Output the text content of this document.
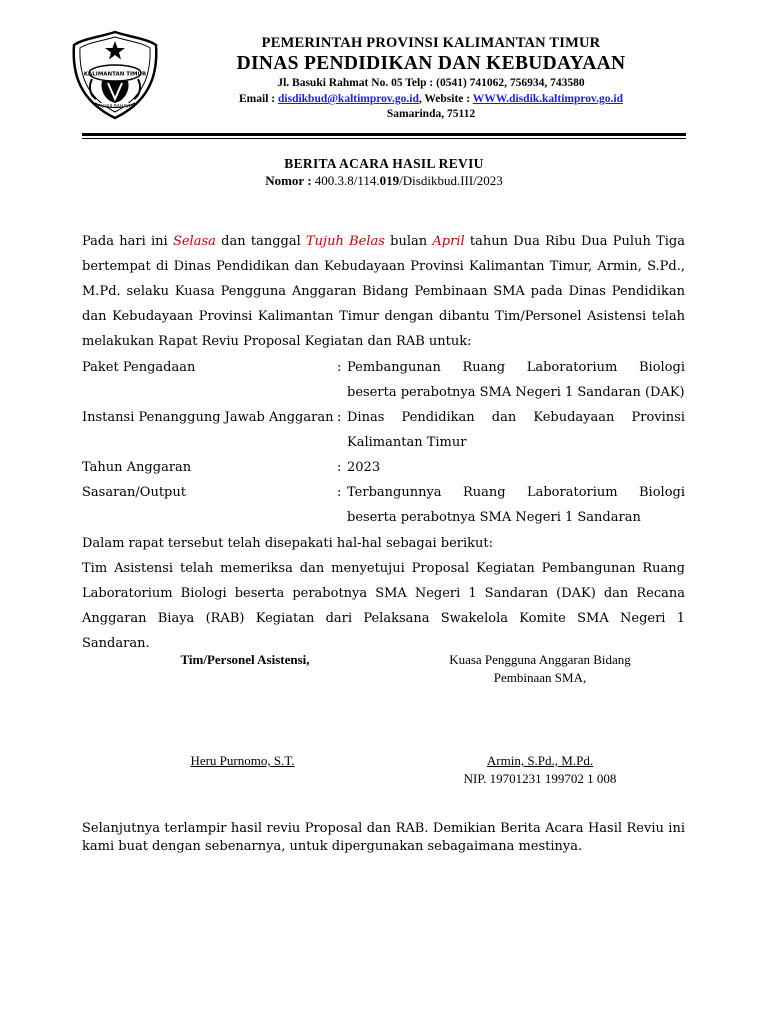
KALIMANTAN TIMUR
RUHUI RAHAYU
PEMERINTAH PROVINSI KALIMANTAN TIMUR
DINAS PENDIDIKAN DAN KEBUDAYAAN
Jl. Basuki Rahmat No. 05 Telp : (0541) 741062, 756934, 743580
Email : disdikbud@kaltimprov.go.id, Website : WWW.disdik.kaltimprov.go.id
Samarinda, 75112
BERITA ACARA HASIL REVIU
Nomor : 400.3.8/114.019/Disdikbud.III/2023
Pada hari ini Selasa dan tanggal Tujuh Belas bulan April tahun Dua Ribu Dua Puluh Tiga bertempat di Dinas Pendidikan dan Kebudayaan Provinsi Kalimantan Timur, Armin, S.Pd., M.Pd. selaku Kuasa Pengguna Anggaran Bidang Pembinaan SMA pada Dinas Pendidikan dan Kebudayaan Provinsi Kalimantan Timur dengan dibantu Tim/Personel Asistensi telah melakukan Rapat Reviu Proposal Kegiatan dan RAB untuk:
Paket Pengadaan	: Pembangunan Ruang Laboratorium Biologi beserta perabotnya SMA Negeri 1 Sandaran (DAK)
Instansi Penanggung Jawab Anggaran : Dinas Pendidikan dan Kebudayaan Provinsi Kalimantan Timur
Tahun Anggaran	: 2023
Sasaran/Output	: Terbangunnya Ruang Laboratorium Biologi beserta perabotnya SMA Negeri 1 Sandaran
Dalam rapat tersebut telah disepakati hal-hal sebagai berikut:
Tim Asistensi telah memeriksa dan menyetujui Proposal Kegiatan Pembangunan Ruang Laboratorium Biologi beserta perabotnya SMA Negeri 1 Sandaran (DAK) dan Recana Anggaran Biaya (RAB) Kegiatan dari Pelaksana Swakelola Komite SMA Negeri 1 Sandaran.
Tim/Personel Asistensi,	Kuasa Pengguna Anggaran Bidang
Pembinaan SMA,
Heru Purnomo, S.T.	Armin, S.Pd., M.Pd.
NIP. 19701231 199702 1 008
Selanjutnya terlampir hasil reviu Proposal dan RAB. Demikian Berita Acara Hasil Reviu ini kami buat dengan sebenarnya, untuk dipergunakan sebagaimana mestinya.
